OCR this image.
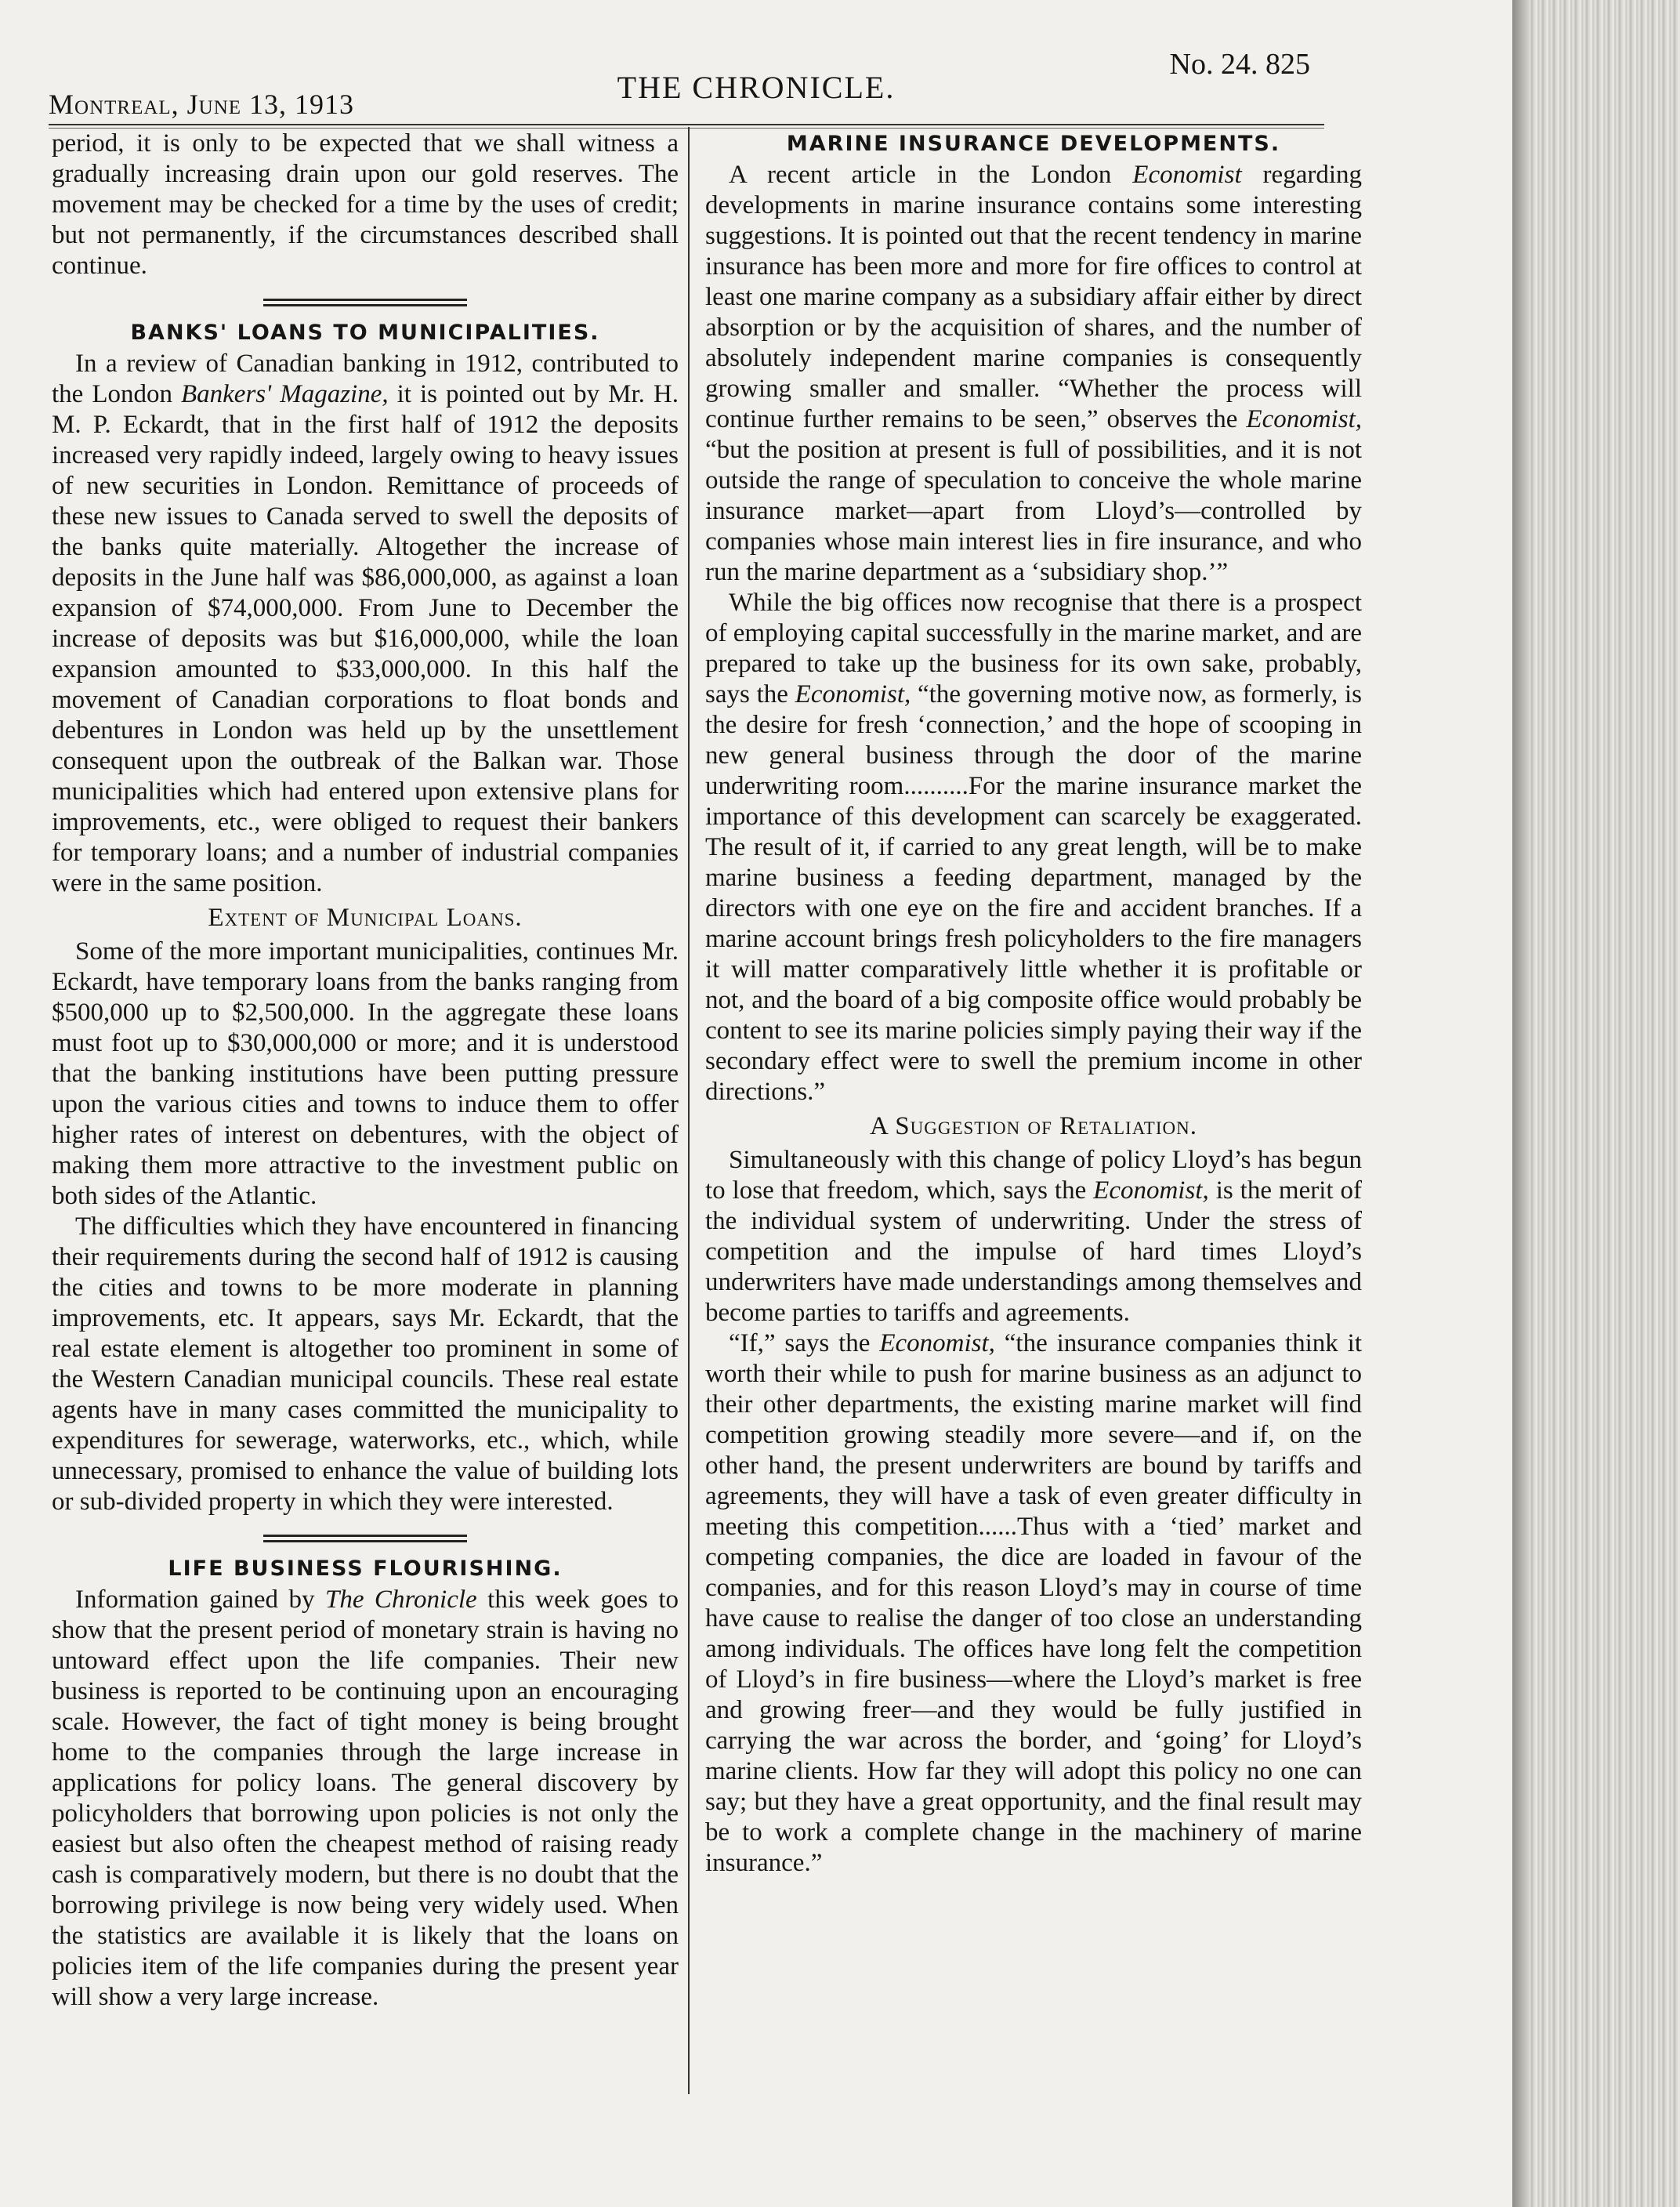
Montreal, June 13, 1913	THE CHRONICLE.
No. 24. 825

period, it is only to be expected that we shall witness a gradually increasing drain upon our gold reserves. The movement may be checked for a time by the uses of credit; but not permanently, if the circumstances described shall continue.

BANKS' LOANS TO MUNICIPALITIES.

In a review of Canadian banking in 1912, contributed to the London Bankers' Magazine, it is pointed out by Mr. H. M. P. Eckardt, that in the first half of 1912 the deposits increased very rapidly indeed, largely owing to heavy issues of new securities in London. Remittance of proceeds of these new issues to Canada served to swell the deposits of the banks quite materially. Altogether the increase of deposits in the June half was $86,000,000, as against a loan expansion of $74,000,000. From June to December the increase of deposits was but $16,000,000, while the loan expansion amounted to $33,000,000. In this half the movement of Canadian corporations to float bonds and debentures in London was held up by the unsettlement consequent upon the outbreak of the Balkan war. Those municipalities which had entered upon extensive plans for improvements, etc., were obliged to request their bankers for temporary loans; and a number of industrial companies were in the same position.

Extent of Municipal Loans.

Some of the more important municipalities, continues Mr. Eckardt, have temporary loans from the banks ranging from $500,000 up to $2,500,000. In the aggregate these loans must foot up to $30,000,000 or more; and it is understood that the banking institutions have been putting pressure upon the various cities and towns to induce them to offer higher rates of interest on debentures, with the object of making them more attractive to the investment public on both sides of the Atlantic.

The difficulties which they have encountered in financing their requirements during the second half of 1912 is causing the cities and towns to be more moderate in planning improvements, etc. It appears, says Mr. Eckardt, that the real estate element is altogether too prominent in some of the Western Canadian municipal councils. These real estate agents have in many cases committed the municipality to expenditures for sewerage, waterworks, etc., which, while unnecessary, promised to enhance the value of building lots or sub-divided property in which they were interested.

LIFE BUSINESS FLOURISHING.

Information gained by The Chronicle this week goes to show that the present period of monetary strain is having no untoward effect upon the life companies. Their new business is reported to be continuing upon an encouraging scale. However, the fact of tight money is being brought home to the companies through the large increase in applications for policy loans. The general discovery by policyholders that borrowing upon policies is not only the easiest but also often the cheapest method of raising ready cash is comparatively modern, but there is no doubt that the borrowing privilege is now being very widely used. When the statistics are available it is likely that the loans on policies item of the life companies during the present year will show a very large increase.

MARINE INSURANCE DEVELOPMENTS.

A recent article in the London Economist regarding developments in marine insurance contains some interesting suggestions. It is pointed out that the recent tendency in marine insurance has been more and more for fire offices to control at least one marine company as a subsidiary affair either by direct absorption or by the acquisition of shares, and the number of absolutely independent marine companies is consequently growing smaller and smaller. “Whether the process will continue further remains to be seen,” observes the Economist, “but the position at present is full of possibilities, and it is not outside the range of speculation to conceive the whole marine insurance market—apart from Lloyd’s—controlled by companies whose main interest lies in fire insurance, and who run the marine department as a ‘subsidiary shop.’”

While the big offices now recognise that there is a prospect of employing capital successfully in the marine market, and are prepared to take up the business for its own sake, probably, says the Economist, “the governing motive now, as formerly, is the desire for fresh ‘connection,’ and the hope of scooping in new general business through the door of the marine underwriting room..........For the marine insurance market the importance of this development can scarcely be exaggerated. The result of it, if carried to any great length, will be to make marine business a feeding department, managed by the directors with one eye on the fire and accident branches. If a marine account brings fresh policyholders to the fire managers it will matter comparatively little whether it is profitable or not, and the board of a big composite office would probably be content to see its marine policies simply paying their way if the secondary effect were to swell the premium income in other directions.”

A Suggestion of Retaliation.

Simultaneously with this change of policy Lloyd’s has begun to lose that freedom, which, says the Economist, is the merit of the individual system of underwriting. Under the stress of competition and the impulse of hard times Lloyd’s underwriters have made understandings among themselves and become parties to tariffs and agreements.

“If,” says the Economist, “the insurance companies think it worth their while to push for marine business as an adjunct to their other departments, the existing marine market will find competition growing steadily more severe—and if, on the other hand, the present underwriters are bound by tariffs and agreements, they will have a task of even greater difficulty in meeting this competition......Thus with a ‘tied’ market and competing companies, the dice are loaded in favour of the companies, and for this reason Lloyd’s may in course of time have cause to realise the danger of too close an understanding among individuals. The offices have long felt the competition of Lloyd’s in fire business—where the Lloyd’s market is free and growing freer—and they would be fully justified in carrying the war across the border, and ‘going’ for Lloyd’s marine clients. How far they will adopt this policy no one can say; but they have a great opportunity, and the final result may be to work a complete change in the machinery of marine insurance.”
